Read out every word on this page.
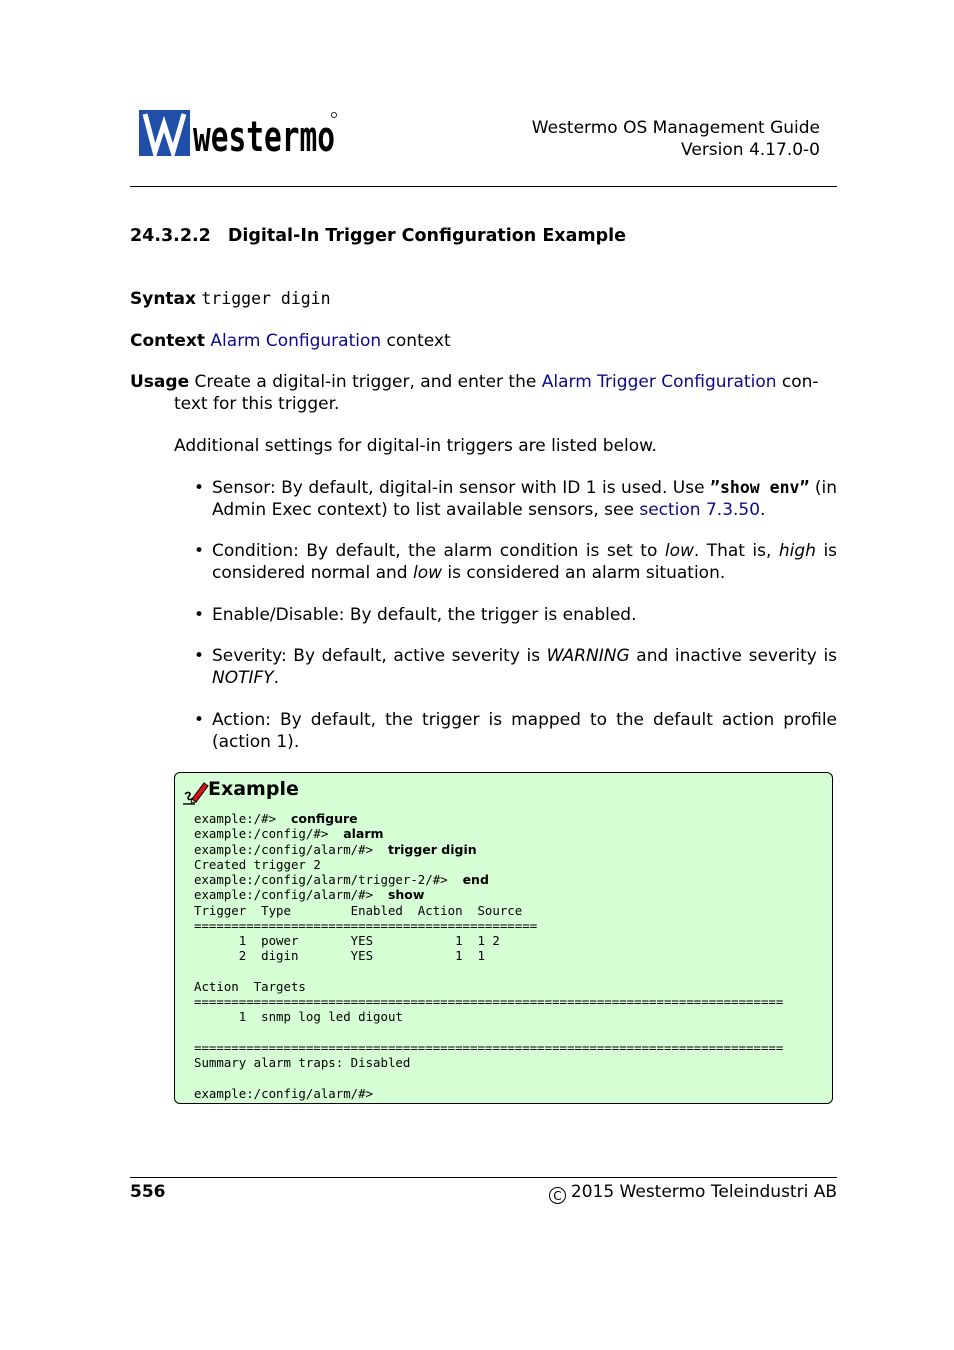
westermo	Westermo OS Management Guide
Version 4.17.0-0
24.3.2.2 Digital-In Trigger Configuration Example
Syntax trigger digin
Context Alarm Configuration context
Usage Create a digital-in trigger, and enter the Alarm Trigger Configuration con-
text for this trigger.
Additional settings for digital-in triggers are listed below.
• Sensor: By default, digital-in sensor with ID 1 is used. Use ”show env” (in Admin Exec context) to list available sensors, see section 7.3.50.
• Condition: By default, the alarm condition is set to low. That is, high is considered normal and low is considered an alarm situation.
• Enable/Disable: By default, the trigger is enabled.
• Severity: By default, active severity is WARNING and inactive severity is NOTIFY.
• Action: By default, the trigger is mapped to the default action profile (action 1).
Example
example:/#>  configure
example:/config/#>  alarm
example:/config/alarm/#>  trigger digin
Created trigger 2
example:/config/alarm/trigger-2/#>  end
example:/config/alarm/#>  show
Trigger  Type        Enabled  Action  Source
==============================================
1  power       YES           1  1 2
2  digin       YES           1  1
Action  Targets
===============================================================================
1  snmp log led digout
===============================================================================
Summary alarm traps: Disabled
example:/config/alarm/#>
556	C 2015 Westermo Teleindustri AB
